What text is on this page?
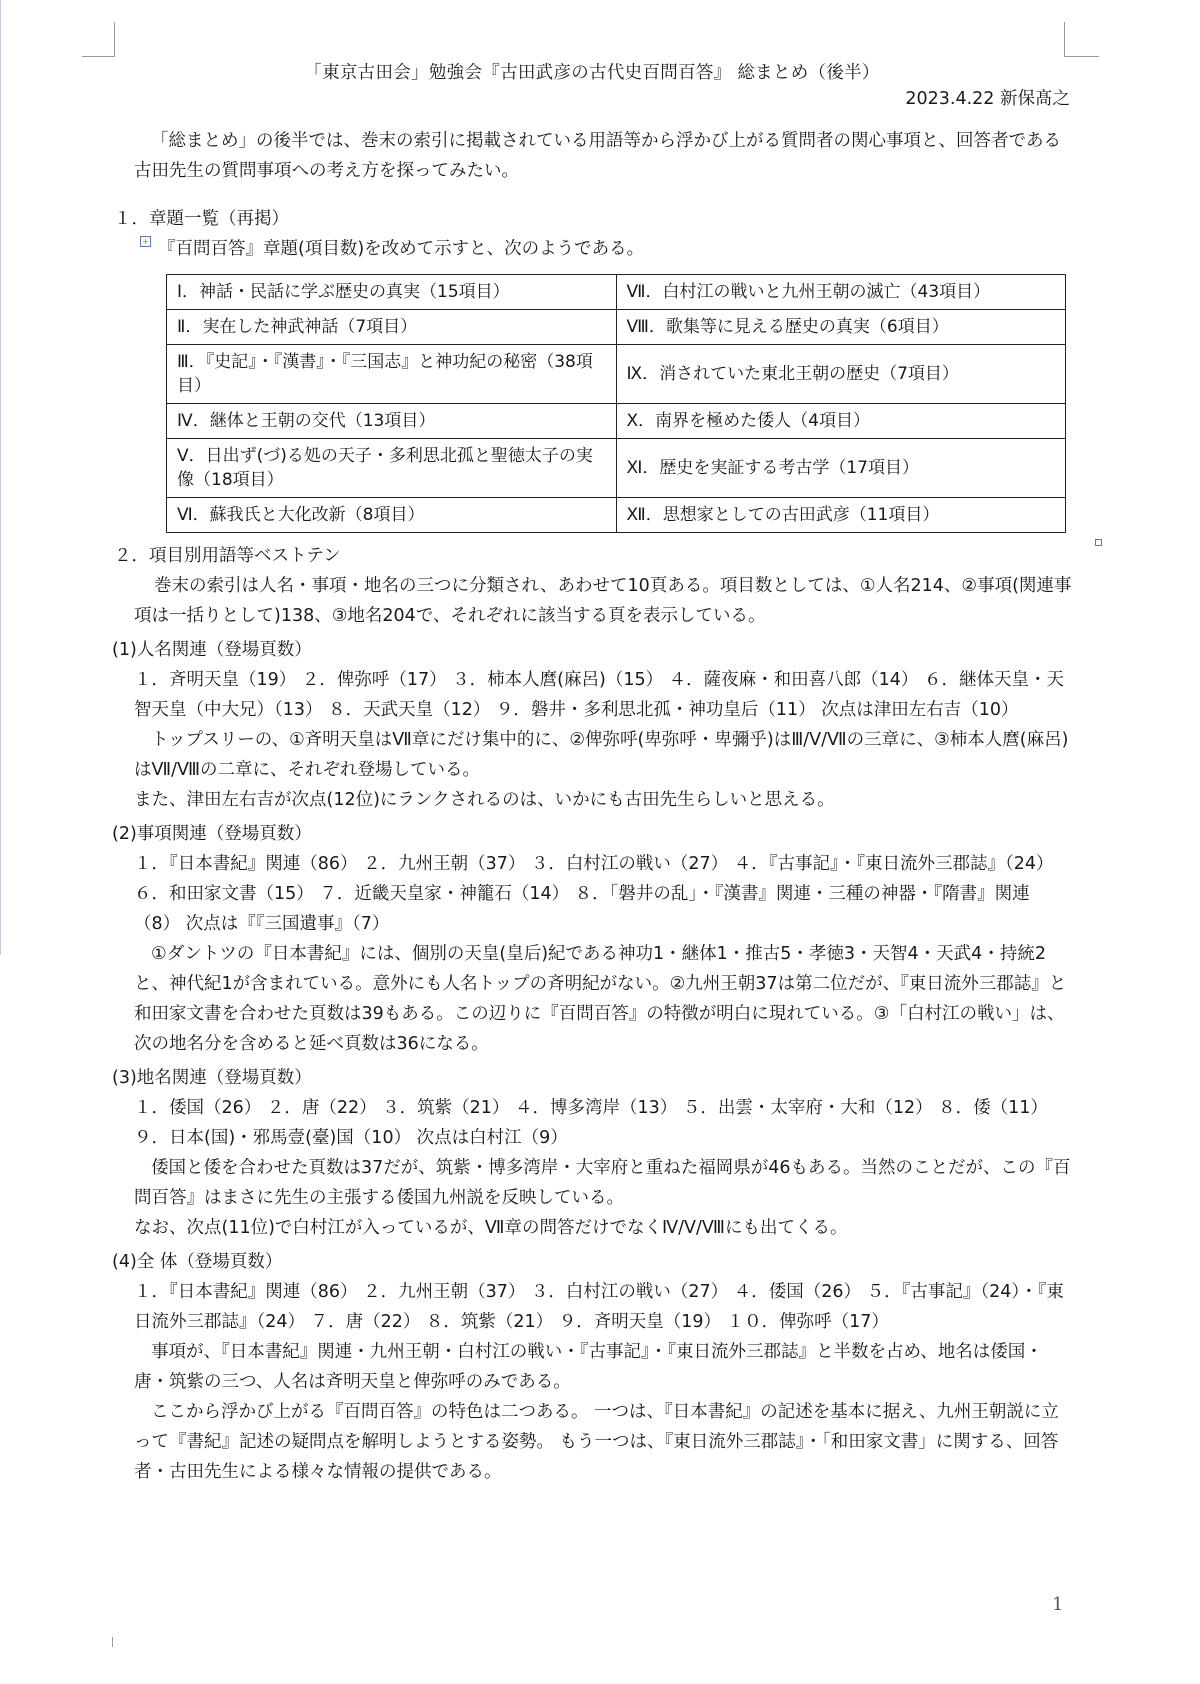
+

「東京古田会」勉強会『古田武彦の古代史百問百答』 総まとめ（後半）

2023.4.22 新保髙之

「総まとめ」の後半では、巻末の索引に掲載されている用語等から浮かび上がる質問者の関心事項と、回答者である古田先生の質問事項への考え方を探ってみたい。

１．章題一覧（再掲）

『百問百答』章題(項目数)を改めて示すと、次のようである。

Ⅰ．神話・民話に学ぶ歴史の真実（15項目）	Ⅶ．白村江の戦いと九州王朝の滅亡（43項目）
Ⅱ．実在した神武神話（7項目）	Ⅷ．歌集等に見える歴史の真実（6項目）
Ⅲ．『史記』・『漢書』・『三国志』と神功紀の秘密（38項目）	Ⅸ．消されていた東北王朝の歴史（7項目）
Ⅳ．継体と王朝の交代（13項目）	Ⅹ．南界を極めた倭人（4項目）
Ⅴ．日出ず(づ)る処の天子・多利思北孤と聖徳太子の実像（18項目）	Ⅺ．歴史を実証する考古学（17項目）
Ⅵ．蘇我氏と大化改新（8項目）	Ⅻ．思想家としての古田武彦（11項目）

２．項目別用語等ベストテン

巻末の索引は人名・事項・地名の三つに分類され、あわせて10頁ある。項目数としては、①人名214、②事項(関連事項は一括りとして)138、③地名204で、それぞれに該当する頁を表示している。

(1)人名関連（登場頁数）

１．斉明天皇（19） ２．俾弥呼（17） ３．柿本人麿(麻呂)（15） ４．薩夜麻・和田喜八郎（14） ６．継体天皇・天智天皇（中大兄）（13） ８．天武天皇（12） ９．磐井・多利思北孤・神功皇后（11） 次点は津田左右吉（10）

トップスリーの、①斉明天皇はⅦ章にだけ集中的に、②俾弥呼(卑弥呼・卑彌乎)はⅢ/Ⅴ/Ⅶの三章に、③柿本人麿(麻呂)はⅦ/Ⅷの二章に、それぞれ登場している。

また、津田左右吉が次点(12位)にランクされるのは、いかにも古田先生らしいと思える。

(2)事項関連（登場頁数）

１．『日本書紀』関連（86） ２．九州王朝（37） ３．白村江の戦い（27） ４．『古事記』・『東日流外三郡誌』（24） ６．和田家文書（15） ７．近畿天皇家・神籠石（14） ８．「磐井の乱」・『漢書』関連・三種の神器・『隋書』関連（8） 次点は『『三国遺事』（7）

①ダントツの『日本書紀』には、個別の天皇(皇后)紀である神功1・継体1・推古5・孝徳3・天智4・天武4・持統2と、神代紀1が含まれている。意外にも人名トップの斉明紀がない。②九州王朝37は第二位だが、『東日流外三郡誌』と和田家文書を合わせた頁数は39もある。この辺りに『百問百答』の特徴が明白に現れている。③「白村江の戦い」は、次の地名分を含めると延べ頁数は36になる。

(3)地名関連（登場頁数）

１．倭国（26） ２．唐（22） ３．筑紫（21） ４．博多湾岸（13） ５．出雲・太宰府・大和（12） ８．倭（11） ９．日本(国)・邪馬壹(臺)国（10） 次点は白村江（9）

倭国と倭を合わせた頁数は37だが、筑紫・博多湾岸・大宰府と重ねた福岡県が46もある。当然のことだが、この『百問百答』はまさに先生の主張する倭国九州説を反映している。

なお、次点(11位)で白村江が入っているが、Ⅶ章の問答だけでなくⅣ/Ⅴ/Ⅷにも出てくる。

(4)全 体（登場頁数）

１．『日本書紀』関連（86） ２．九州王朝（37） ３．白村江の戦い（27） ４．倭国（26） ５．『古事記』（24）・『東日流外三郡誌』（24） ７．唐（22） ８．筑紫（21） ９．斉明天皇（19） １０．俾弥呼（17）

事項が、『日本書紀』関連・九州王朝・白村江の戦い・『古事記』・『東日流外三郡誌』と半数を占め、地名は倭国・唐・筑紫の三つ、人名は斉明天皇と俾弥呼のみである。

ここから浮かび上がる『百問百答』の特色は二つある。 一つは、『日本書紀』の記述を基本に据え、九州王朝説に立って『書紀』記述の疑問点を解明しようとする姿勢。 もう一つは、『東日流外三郡誌』・「和田家文書」に関する、回答者・古田先生による様々な情報の提供である。

1
